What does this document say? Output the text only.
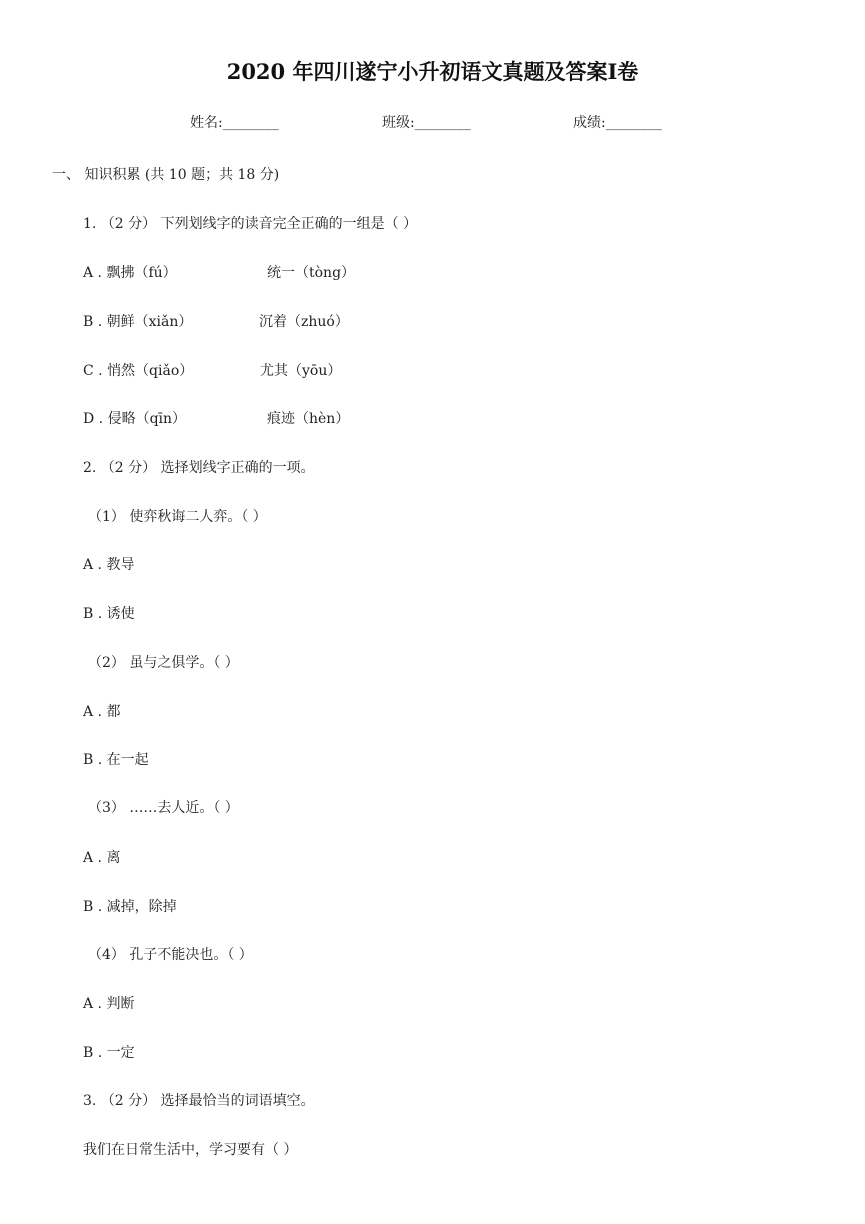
2020 年四川遂宁小升初语文真题及答案Ⅰ卷
姓名:________	班级:________	成绩:________
一、 知识积累 (共 10 题；共 18 分)
1. （2 分） 下列划线字的读音完全正确的一组是（ ）
A . 飘拂（fú）	统一（tòng）
B . 朝鲜（xiǎn）	沉着（zhuó）
C . 悄然（qiǎo）	尤其（yōu）
D . 侵略（qīn）	痕迹（hèn）
2. （2 分） 选择划线字正确的一项。
（1） 使弈秋诲二人弈。（ ）
A . 教导
B . 诱使
（2） 虽与之俱学。（ ）
A . 都
B . 在一起
（3） ……去人近。（ ）
A . 离
B . 减掉，除掉
（4） 孔子不能决也。（ ）
A . 判断
B . 一定
3. （2 分） 选择最恰当的词语填空。
我们在日常生活中，学习要有（ ）
